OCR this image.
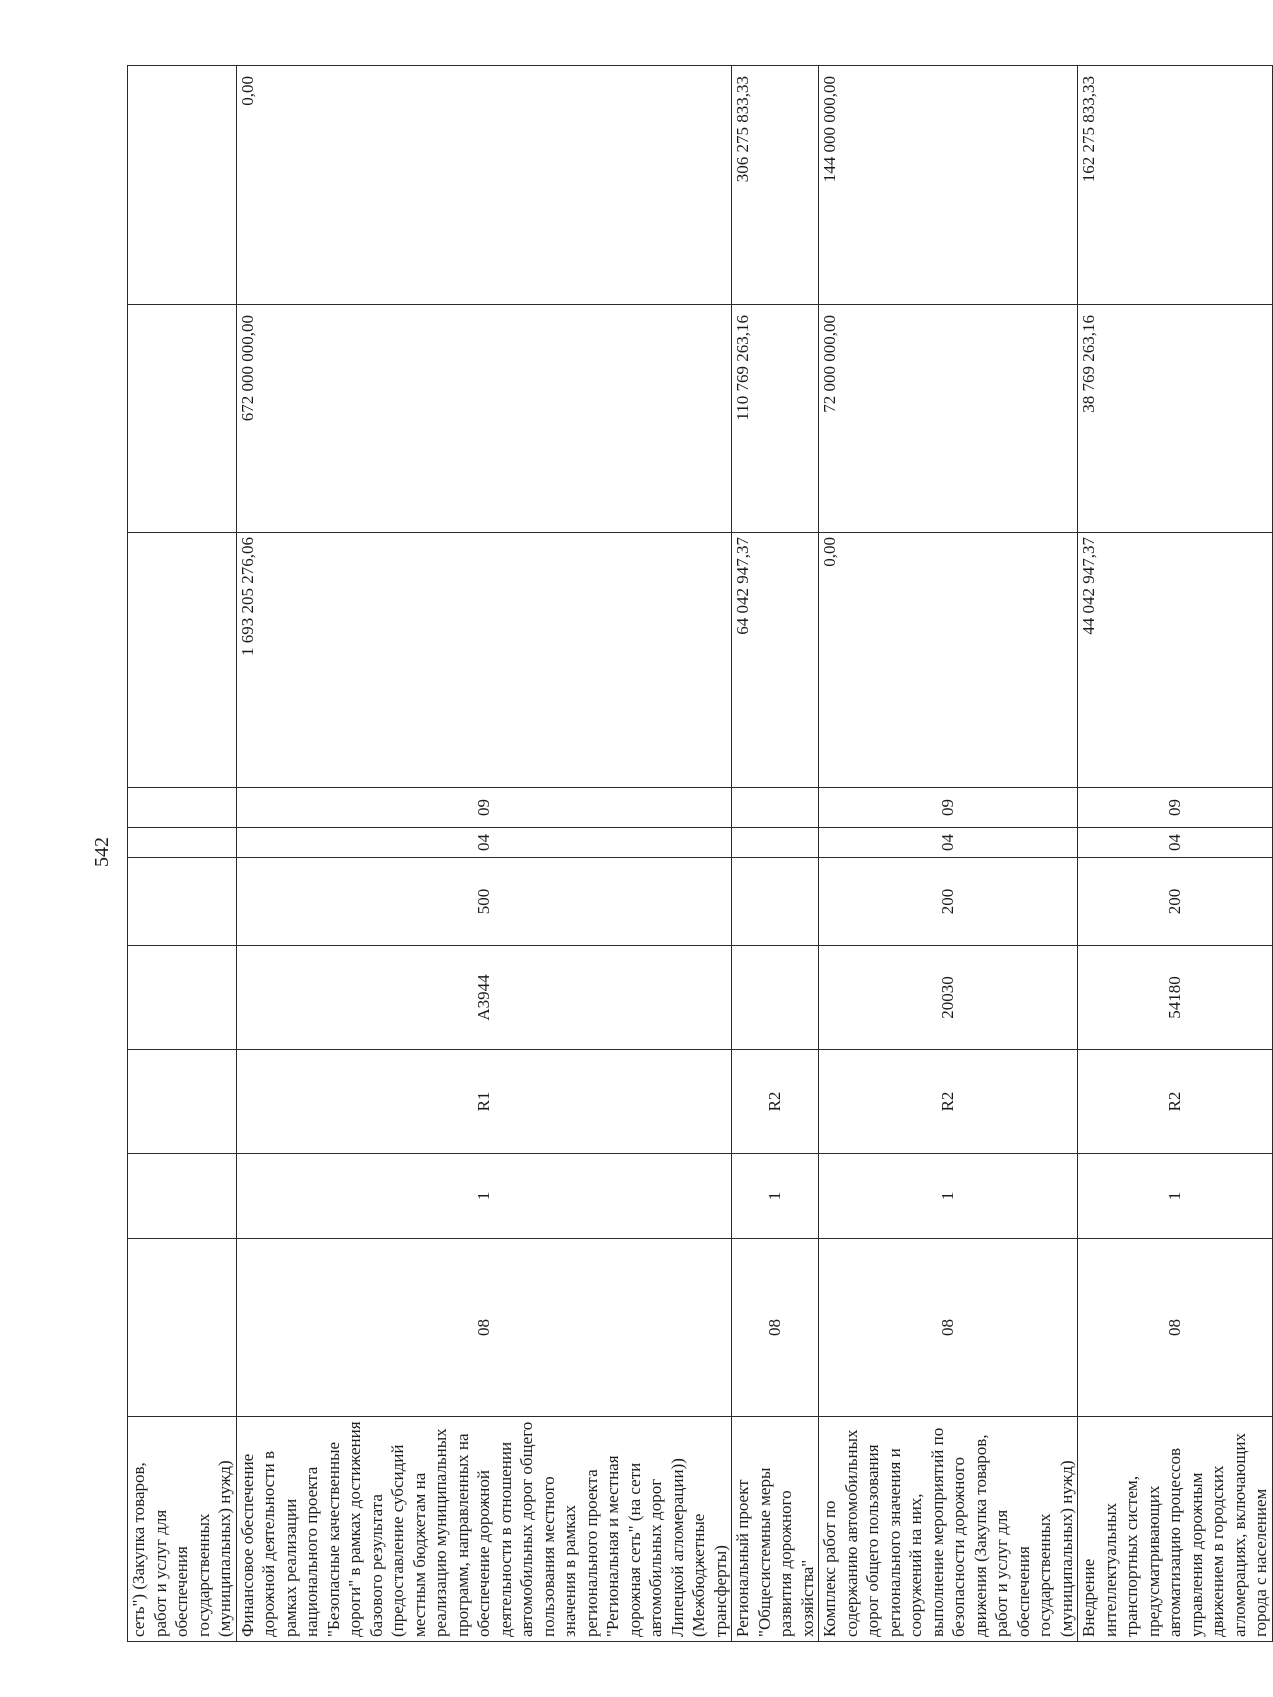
542
сеть") (Закупка товаров, работ и услуг для обеспечения государственных (муниципальных) нужд)										
Финансовое обеспечение дорожной деятельности в рамках реализации национального проекта "Безопасные качественные дороги" в рамках достижения базового результата (предоставление субсидий местным бюджетам на реализацию муниципальных программ, направленных на обеспечение дорожной деятельности в отношении автомобильных дорог общего пользования местного значения в рамках регионального проекта "Региональная и местная дорожная сеть" (на сети автомобильных дорог Липецкой агломерации)) (Межбюджетные трансферты)	08	1	R1	А3944	500	04	09	1 693 205 276,06	672 000 000,00	0,00
Региональный проект "Общесистемные меры развития дорожного хозяйства"	08	1	R2					64 042 947,37	110 769 263,16	306 275 833,33
Комплекс работ по содержанию автомобильных дорог общего пользования регионального значения и сооружений на них, выполнение мероприятий по безопасности дорожного движения (Закупка товаров, работ и услуг для обеспечения государственных (муниципальных) нужд)	08	1	R2	20030	200	04	09	0,00	72 000 000,00	144 000 000,00
Внедрение интеллектуальных транспортных систем, предусматривающих автоматизацию процессов управления дорожным движением в городских агломерациях, включающих города с населением	08	1	R2	54180	200	04	09	44 042 947,37	38 769 263,16	162 275 833,33
